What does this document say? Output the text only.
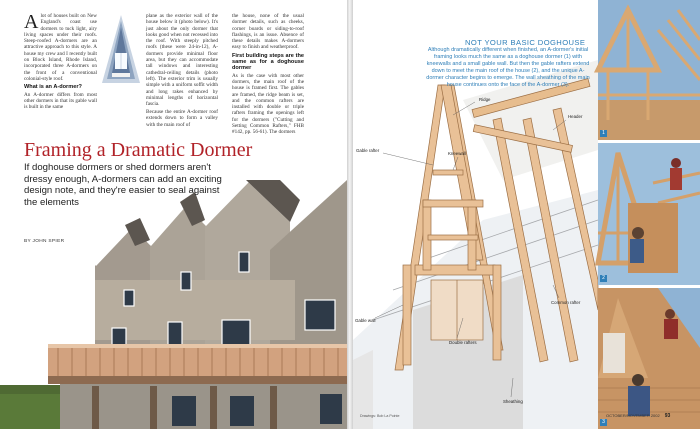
Alot of houses built on New England's coast use dormers to tuck light, airy living spaces under their roofs. Steep-roofed A-dormers are an attractive approach to this style. A house my crew and I recently built on Block Island, Rhode Island, incorporated three A-dormers on the front of a conventional colonial-style roof.

What is an A-dormer?

An A-dormer differs from most other dormers in that its gable wall is built in the same

plane as the exterior wall of the house below it (photo below). It's just about the only dormer that looks good when not recessed into the roof. With steeply pitched roofs (these were 24-in-12), A-dormers provide minimal floor area, but they can accommodate tall windows and interesting cathedral-ceiling details (photo left). The exterior trim is usually simple with a uniform soffit width and long rakes enhanced by minimal lengths of horizontal fascia.

Because the entire A-dormer roof extends down to form a valley with the main roof of

the house, none of the usual dormer details, such as cheeks, corner boards or siding-to-roof flashings, is an issue. Absence of these details makes A-dormers easy to finish and weatherproof.

First building steps are the same as for a doghouse dormer

As is the case with most other dormers, the main roof of the house is framed first. The gables are framed, the ridge beam is set, and the common rafters are installed with double or triple rafters framing the openings left for the dormers ("Cutting and Setting Common Rafters," FHB #142, pp. 56-61). The dormers

Framing a Dramatic Dormer

If doghouse dormers or shed dormers aren't dressy enough, A-dormers can add an exciting design note, and they're easier to seal against the elements

BY JOHN SPIER
Ridge
Header
Gable rafter
Kneewall
Gable wall
Double rafters
Common rafter
Sheathing
NOT YOUR BASIC DOGHOUSE

Although dramatically different when finished, an A-dormer's initial framing looks much the same as a doghouse dormer (1) with kneewalls and a small gable wall. But then the gable rafters extend down to meet the main roof of the house (2), and the unique A-dormer character begins to emerge. The wall sheathing of the main house continues onto the face of the A-dormer (3).

1
2
3
Drawings: Bob La Pointe	OCTOBER/NOVEMBER 2002 93
